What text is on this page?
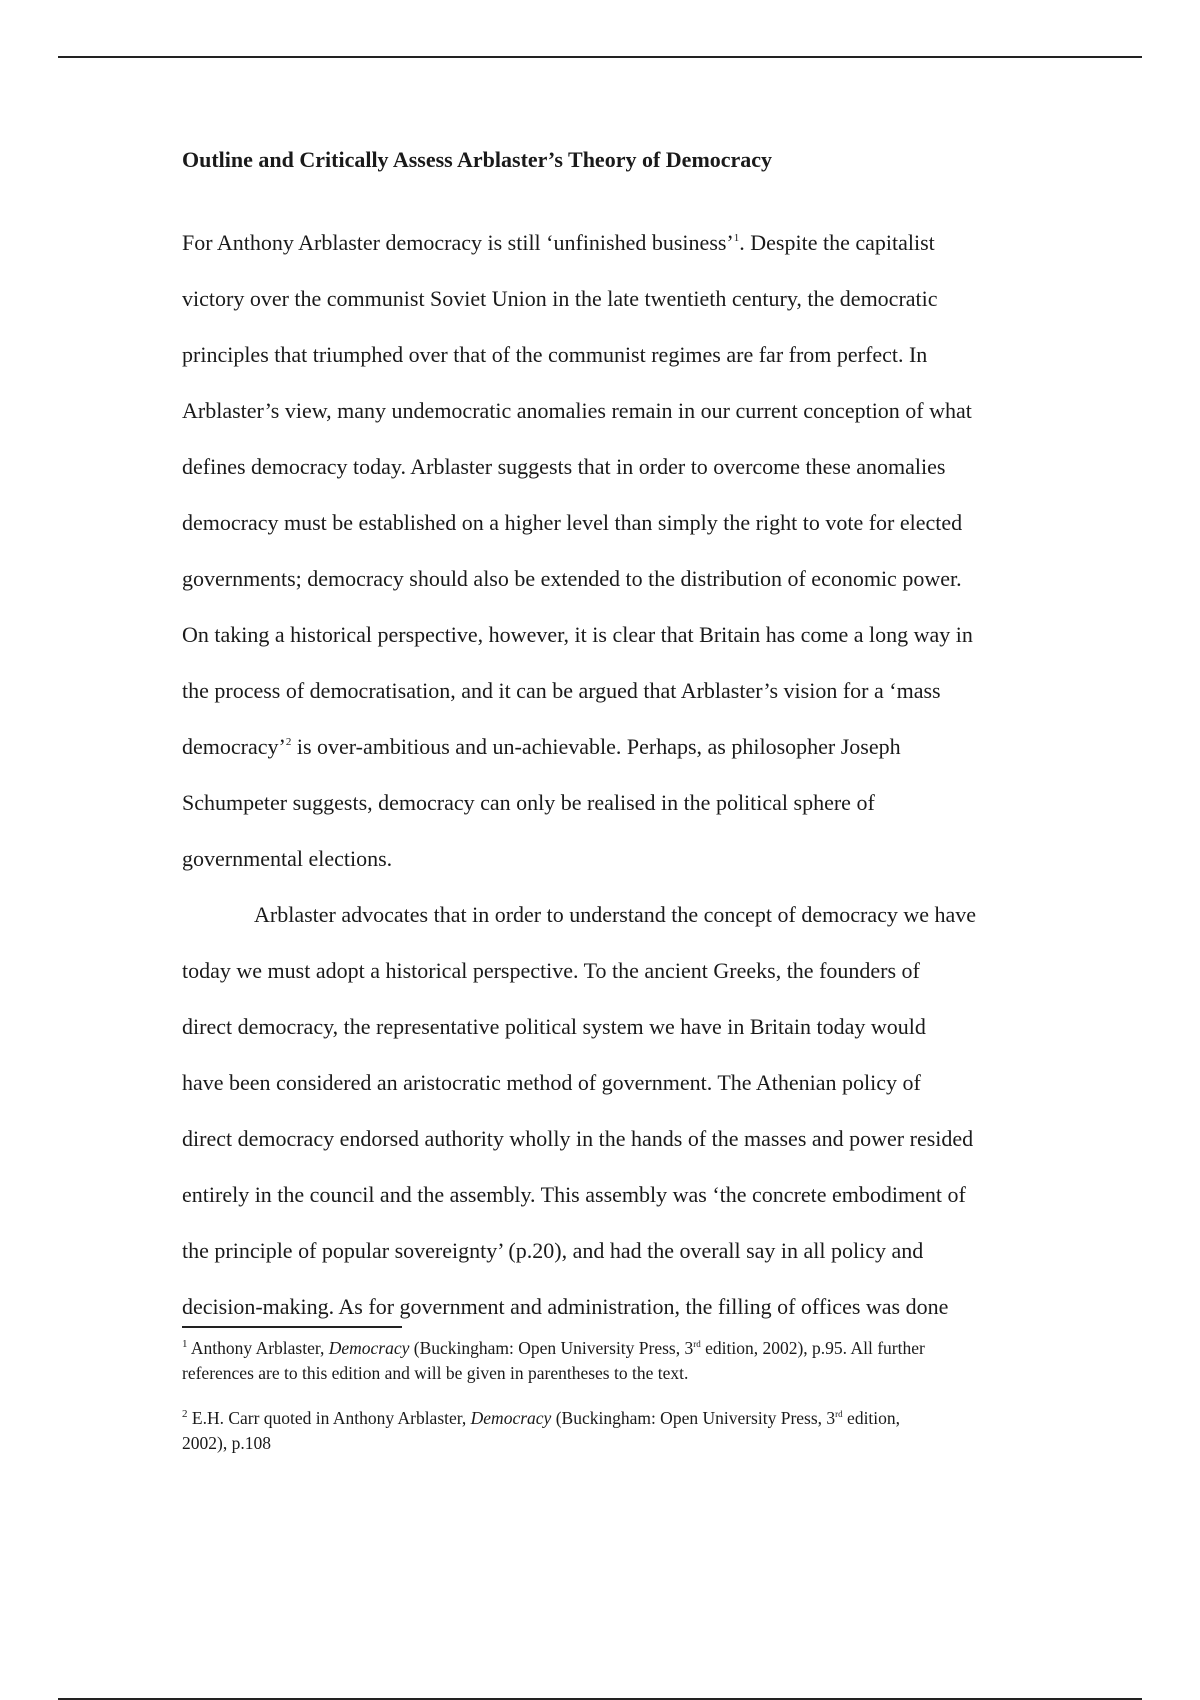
Outline and Critically Assess Arblaster’s Theory of Democracy
For Anthony Arblaster democracy is still ‘unfinished business’$^1$. Despite the capitalist
victory over the communist Soviet Union in the late twentieth century, the democratic
principles that triumphed over that of the communist regimes are far from perfect. In
Arblaster’s view, many undemocratic anomalies remain in our current conception of what
defines democracy today. Arblaster suggests that in order to overcome these anomalies
democracy must be established on a higher level than simply the right to vote for elected
governments; democracy should also be extended to the distribution of economic power.
On taking a historical perspective, however, it is clear that Britain has come a long way in
the process of democratisation, and it can be argued that Arblaster’s vision for a ‘mass
democracy’$^2$ is over-ambitious and un-achievable. Perhaps, as philosopher Joseph
Schumpeter suggests, democracy can only be realised in the political sphere of
governmental elections.
Arblaster advocates that in order to understand the concept of democracy we have
today we must adopt a historical perspective. To the ancient Greeks, the founders of
direct democracy, the representative political system we have in Britain today would
have been considered an aristocratic method of government. The Athenian policy of
direct democracy endorsed authority wholly in the hands of the masses and power resided
entirely in the council and the assembly. This assembly was ‘the concrete embodiment of
the principle of popular sovereignty’ (p.20), and had the overall say in all policy and
decision-making. As for government and administration, the filling of offices was done
$^1$ Anthony Arblaster, Democracy (Buckingham: Open University Press, 3rd edition, 2002), p.95. All further
references are to this edition and will be given in parentheses to the text.
$^2$ E.H. Carr quoted in Anthony Arblaster, Democracy (Buckingham: Open University Press, 3rd edition,
2002), p.108
